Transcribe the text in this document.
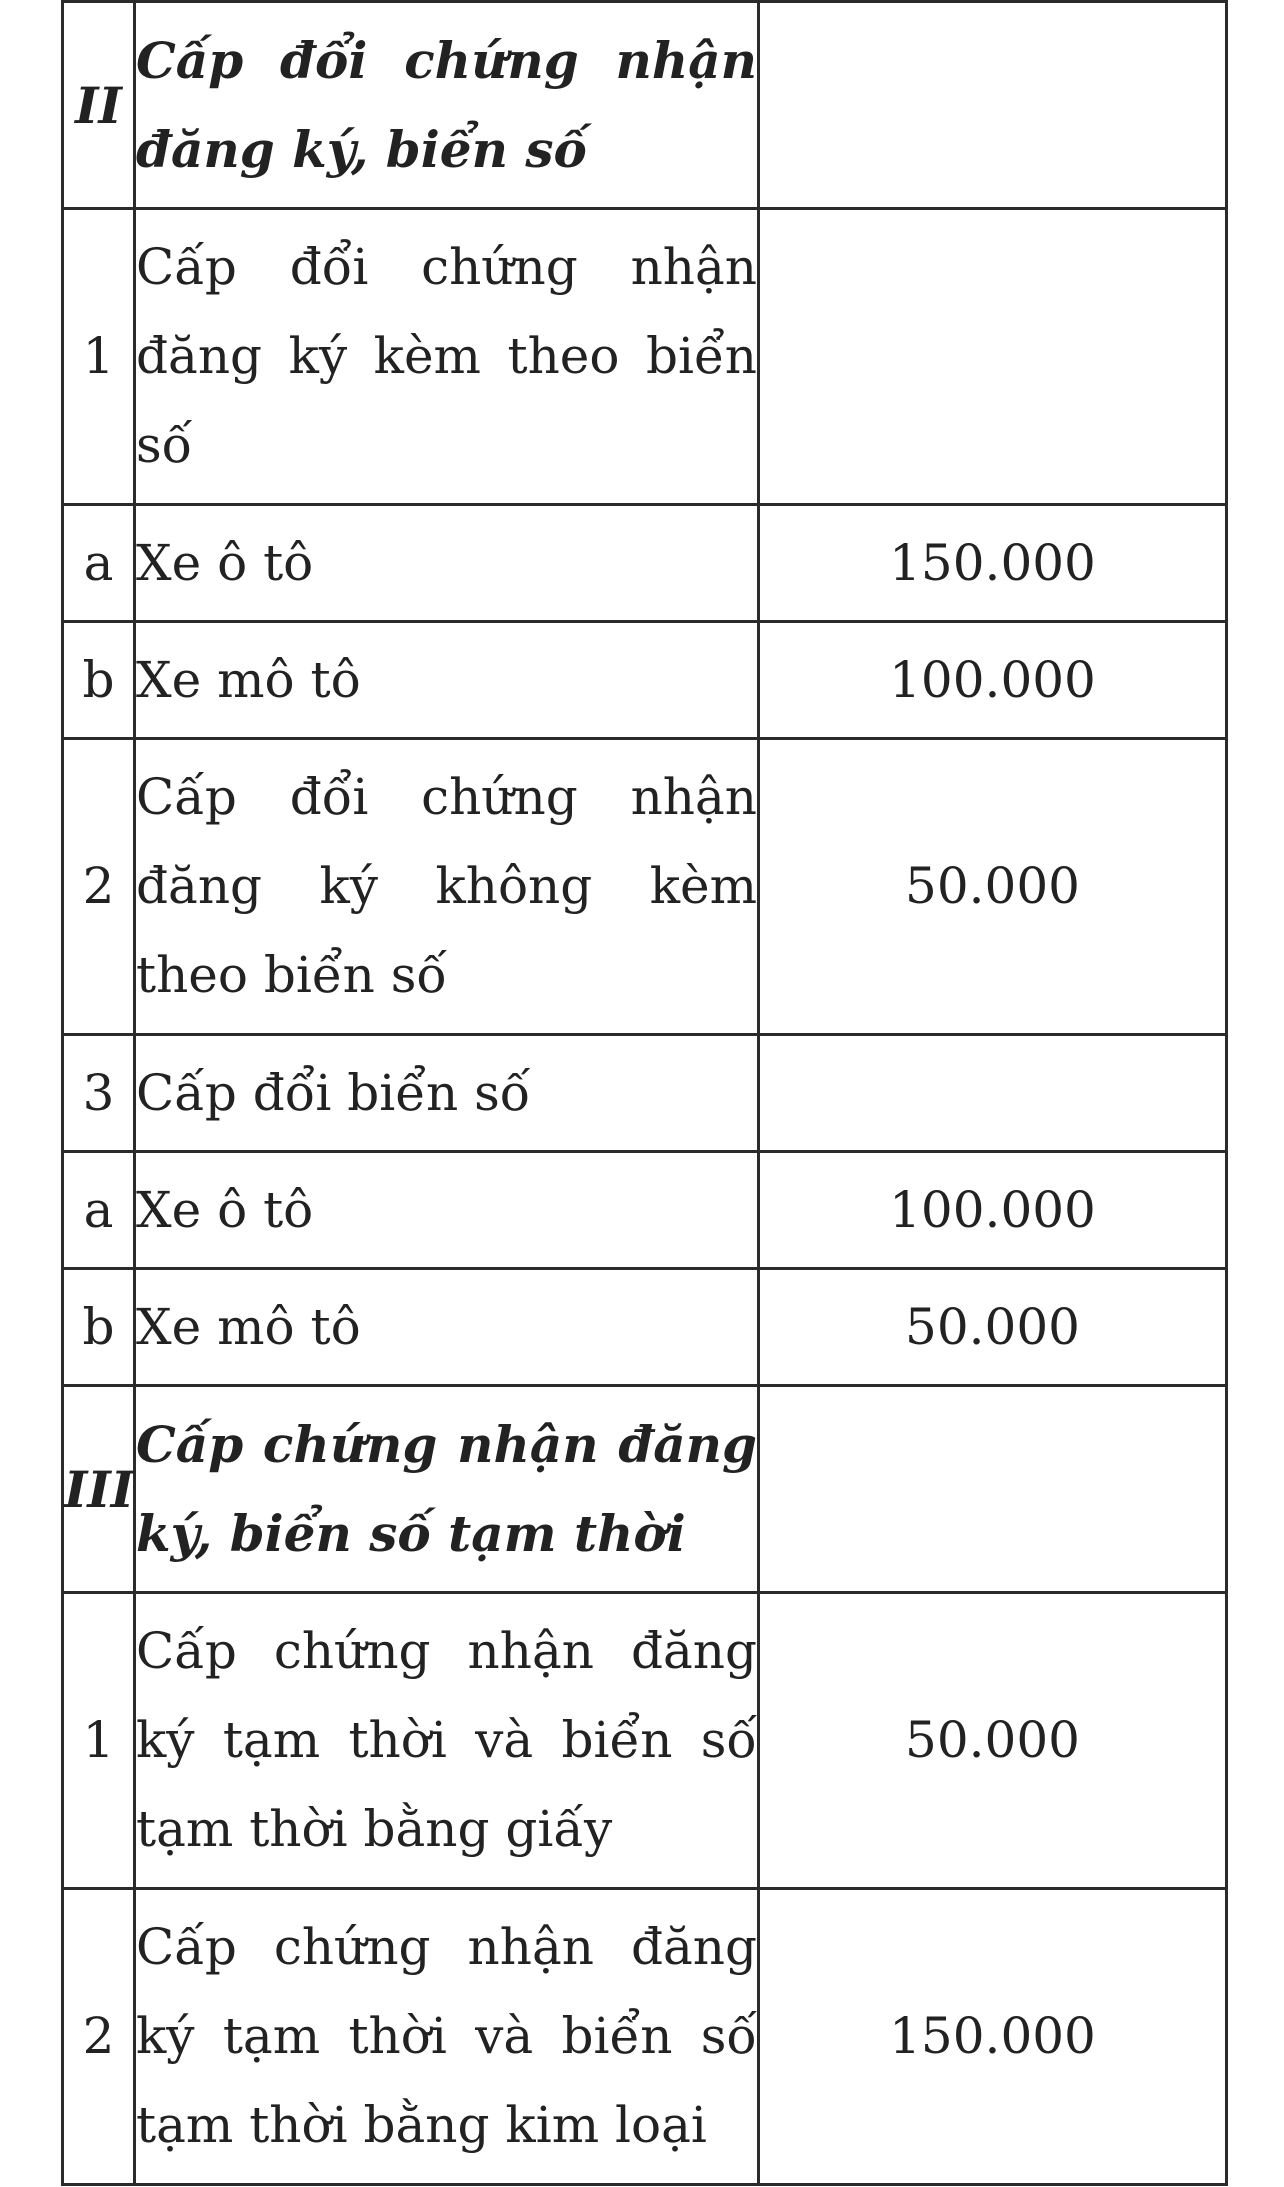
II	Cấp đổi chứng nhận đăng ký, biển số	
1	Cấp đổi chứng nhận đăng ký kèm theo biển số	
a	Xe ô tô	150.000
b	Xe mô tô	100.000
2	Cấp đổi chứng nhận đăng ký không kèm theo biển số	50.000
3	Cấp đổi biển số	
a	Xe ô tô	100.000
b	Xe mô tô	50.000
III	Cấp chứng nhận đăng ký, biển số tạm thời	
1	Cấp chứng nhận đăng ký tạm thời và biển số tạm thời bằng giấy	50.000
2	Cấp chứng nhận đăng ký tạm thời và biển số tạm thời bằng kim loại	150.000
